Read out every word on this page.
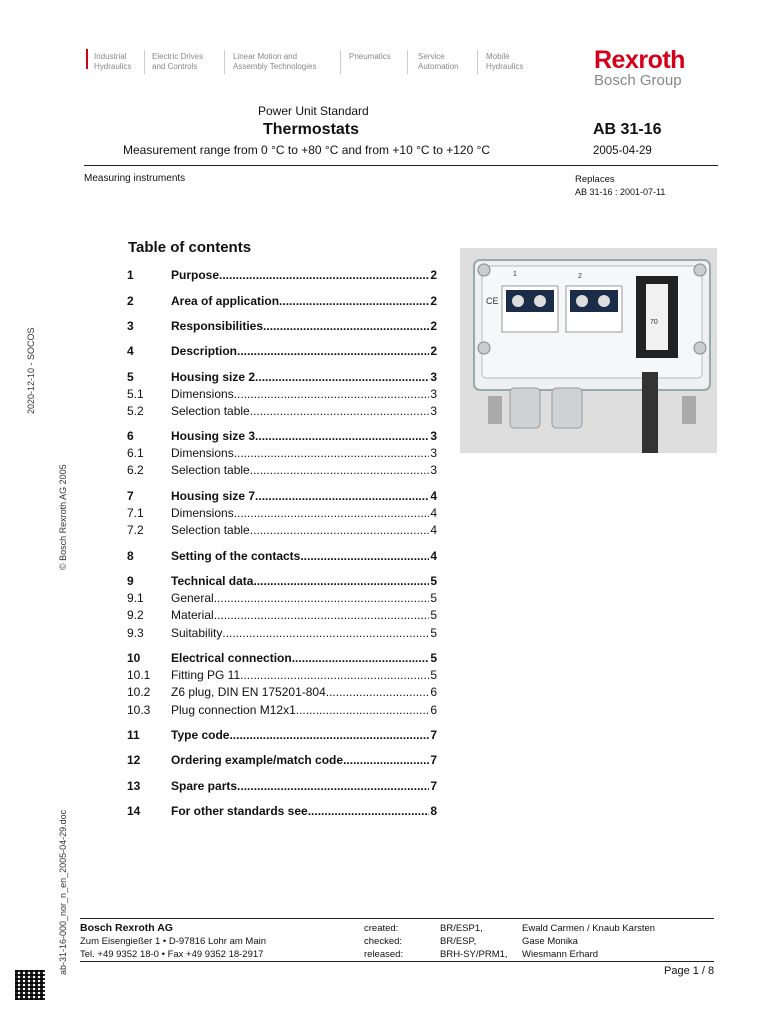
Industrial
Hydraulics
Electric Drives
and Controls
Linear Motion and
Assembly Technologies
Pneumatics	Service
Automation
Mobile
Hydraulics	Rexroth
Bosch Group
Power Unit Standard
Thermostats
Measurement range from 0 °C to +80 °C and from +10 °C to +120 °C
AB 31-16
2005-04-29
Measuring instruments	Replaces
AB 31-16 : 2001-07-11
Table of contents
1	Purpose .....	2
2	Area of application .....	2
3	Responsibilities .....	2
4	Description .....	2
5	Housing size 2 .....	3
5.1	Dimensions .....	3
5.2	Selection table .....	3
6	Housing size 3 .....	3
6.1	Dimensions .....	3
6.2	Selection table .....	3
7	Housing size 7 .....	4
7.1	Dimensions .....	4
7.2	Selection table .....	4
8	Setting of the contacts .....	4
9	Technical data .....	5
9.1	General .....	5
9.2	Material .....	5
9.3	Suitability .....	5
10	Electrical connection .....	5
10.1	Fitting PG 11 .....	5
10.2	Z6 plug, DIN EN 175201-804 .....	6
10.3	Plug connection M12x1 .....	6
11	Type code .....	7
12	Ordering example/match code .....	7
13	Spare parts .....	7
14	For other standards see .....	8
1	2
CE
70
2020-12-10 - SOCOS
© Bosch Rexroth AG 2005
ab-31-16-000_nor_n_en_2005-04-29.doc Bosch Rexroth AG
Zum Eisengießer 1 • D-97816 Lohr am Main
Tel. +49 9352 18-0 • Fax +49 9352 18-2917
created:	BR/ESP1,	Ewald Carmen / Knaub Karsten
checked:	BR/ESP,	Gase Monika
released:	BRH-SY/PRM1, Wiesmann Erhard
Page 1 / 8
